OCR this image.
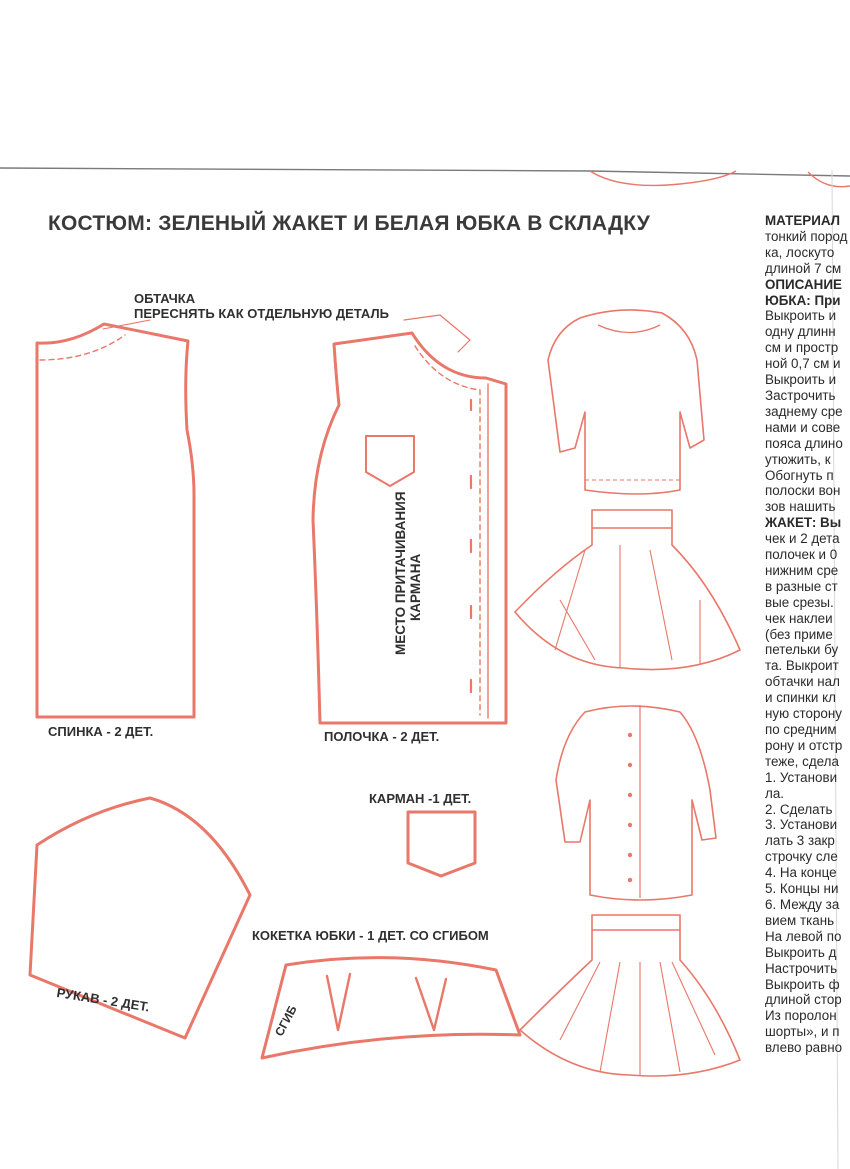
КОСТЮМ: ЗЕЛЕНЫЙ ЖАКЕТ И БЕЛАЯ ЮБКА В СКЛАДКУ
ОБТАЧКА
ПЕРЕСНЯТЬ КАК ОТДЕЛЬНУЮ ДЕТАЛЬ
СПИНКА - 2 ДЕТ.	ПОЛОЧКА - 2 ДЕТ.
МЕСТО ПРИТАЧИВАНИЯ КАРМАНА
КАРМАН -1 ДЕТ.
РУКАВ - 2 ДЕТ.
КОКЕТКА ЮБКИ - 1 ДЕТ. СО СГИБОМ
СГИБ
МАТЕРИАЛ
тонкий пород
ка, лоскуто
длиной 7 см
ОПИСАНИЕ
ЮБКА: При
Выкроить и
одну длинн
см и простр
ной 0,7 см и
Выкроить и
Застрочить
заднему сре
нами и сове
пояса длино
утюжить, к
Обогнуть п
полоски вон
зов нашить
ЖАКЕТ: Вы
чек и 2 дета
полочек и 0
нижним сре
в разные ст
вые срезы.
чек наклеи
(без приме
петельки бу
та. Выкроит
обтачки нал
и спинки кл
ную сторону
по средним
рону и отстр
теже, сдела
1. Установи
ла.
2. Сделать
3. Установи
лать 3 закр
строчку сле
4. На конце
5. Концы ни
6. Между за
вием ткань
На левой по
Выкроить д
Настрочить
Выкроить ф
длиной стор
Из поролон
шорты», и п
влево равно
Aleks2 • Бэйбики • babiki.ru
